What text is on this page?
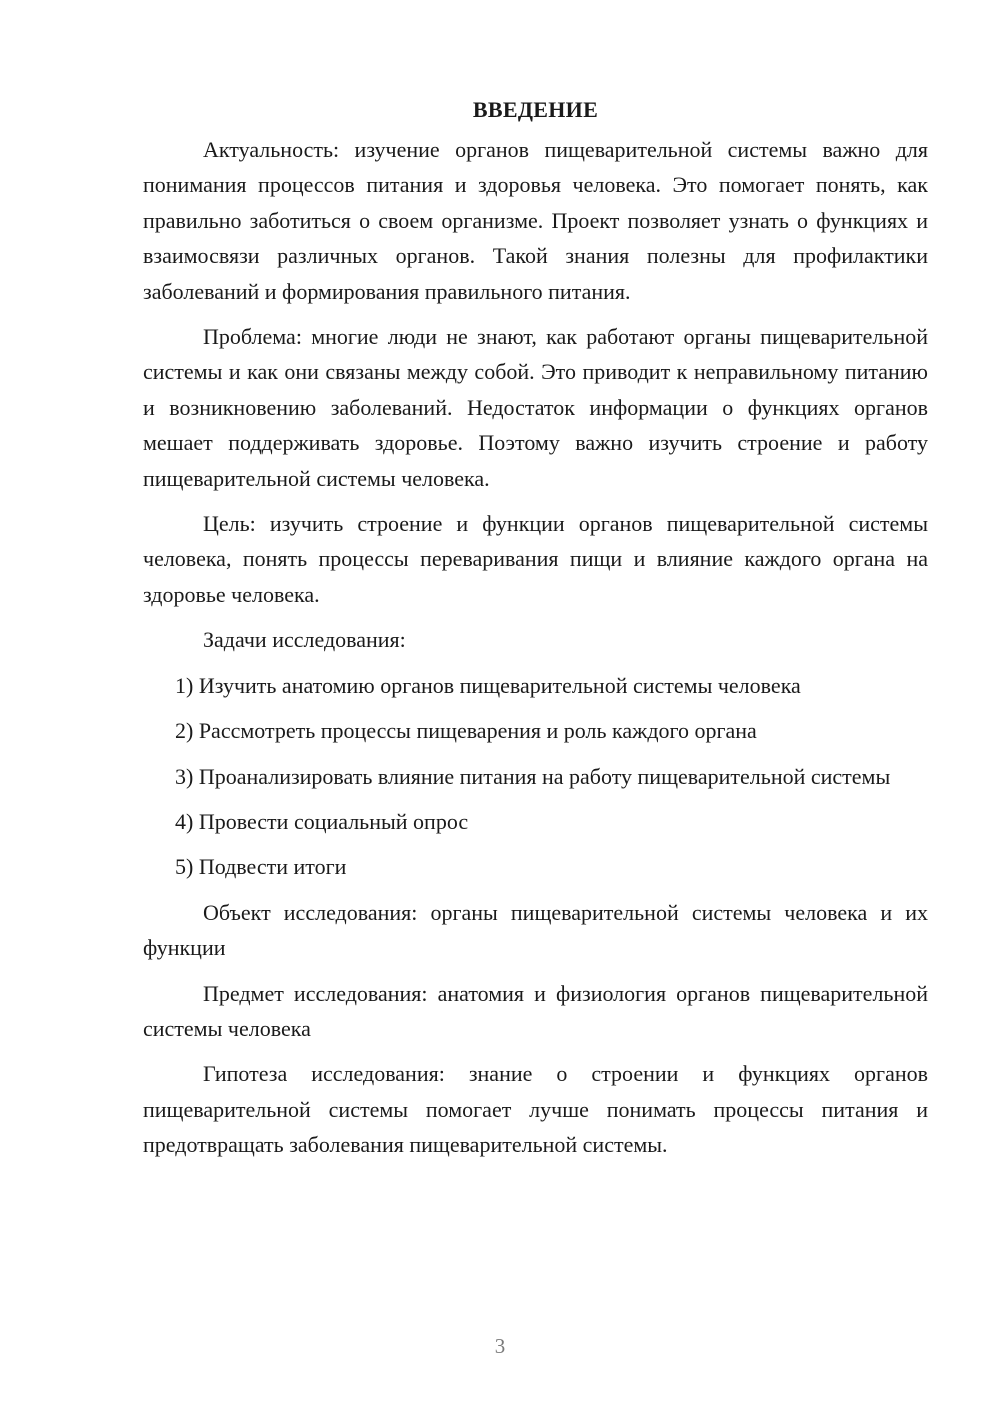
ВВЕДЕНИЕ

Актуальность: изучение органов пищеварительной системы важно для понимания процессов питания и здоровья человека. Это помогает понять, как правильно заботиться о своем организме. Проект позволяет узнать о функциях и взаимосвязи различных органов. Такой знания полезны для профилактики заболеваний и формирования правильного питания.

Проблема: многие люди не знают, как работают органы пищеварительной системы и как они связаны между собой. Это приводит к неправильному питанию и возникновению заболеваний. Недостаток информации о функциях органов мешает поддерживать здоровье. Поэтому важно изучить строение и работу пищеварительной системы человека.

Цель: изучить строение и функции органов пищеварительной системы человека, понять процессы переваривания пищи и влияние каждого органа на здоровье человека.

Задачи исследования:

1) Изучить анатомию органов пищеварительной системы человека

2) Рассмотреть процессы пищеварения и роль каждого органа

3) Проанализировать влияние питания на работу пищеварительной системы

4) Провести социальный опрос

5) Подвести итоги

Объект исследования: органы пищеварительной системы человека и их функции

Предмет исследования: анатомия и физиология органов пищеварительной системы человека

Гипотеза исследования: знание о строении и функциях органов пищеварительной системы помогает лучше понимать процессы питания и предотвращать заболевания пищеварительной системы.

3
